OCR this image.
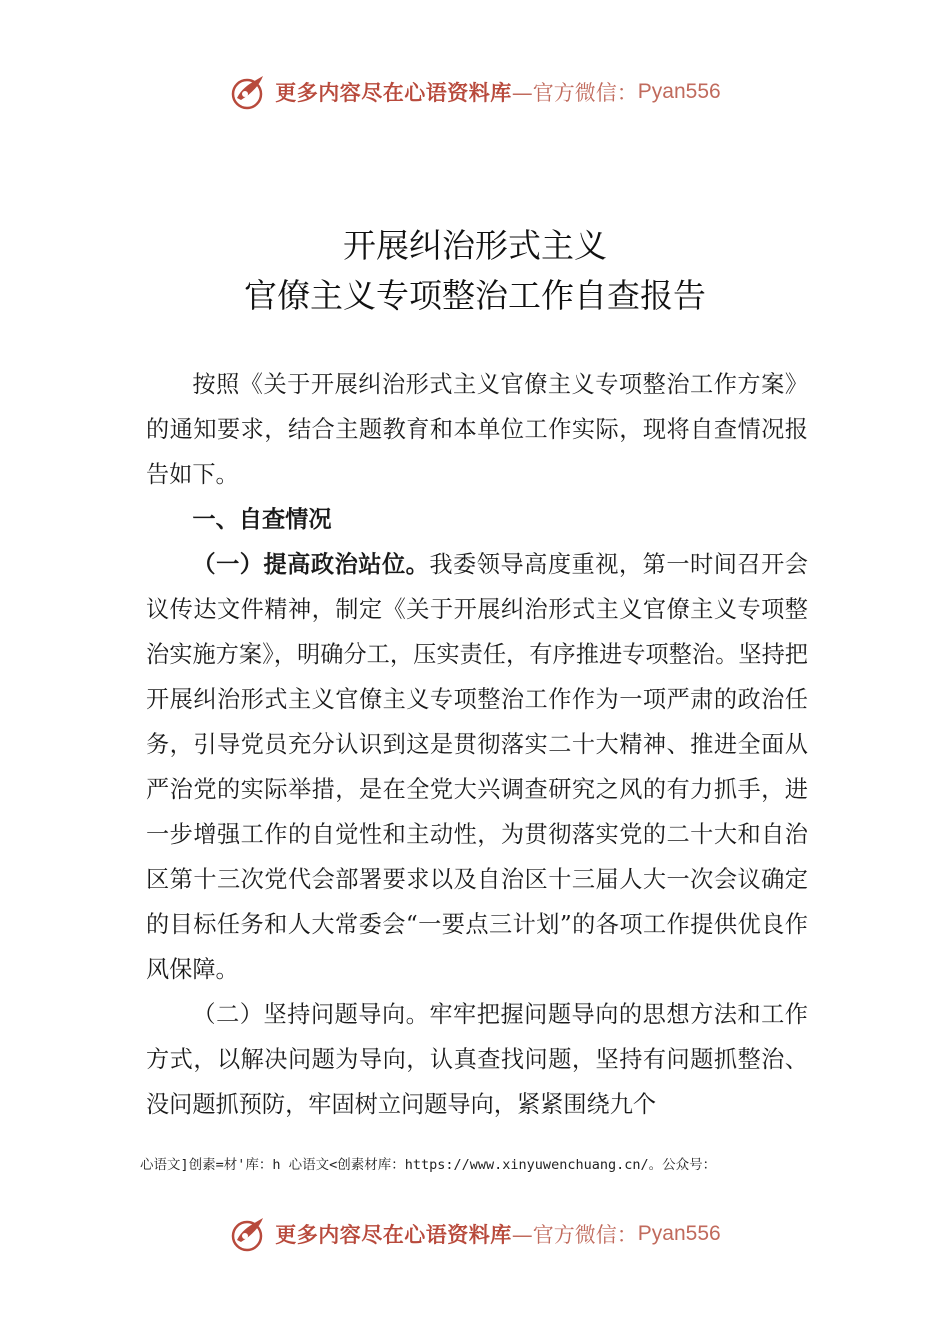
更多内容尽在心语资料库 —官方微信： Pyan556
开展纠治形式主义
官僚主义专项整治工作自查报告

按照《关于开展纠治形式主义官僚主义专项整治工作方案》的通知要求，结合主题教育和本单位工作实际，现将自查情况报告如下。

一、自查情况

（一）提高政治站位。我委领导高度重视，第一时间召开会议传达文件精神，制定《关于开展纠治形式主义官僚主义专项整治实施方案》，明确分工，压实责任，有序推进专项整治。坚持把开展纠治形式主义官僚主义专项整治工作作为一项严肃的政治任务，引导党员充分认识到这是贯彻落实二十大精神、推进全面从严治党的实际举措，是在全党大兴调查研究之风的有力抓手，进一步增强工作的自觉性和主动性，为贯彻落实党的二十大和自治区第十三次党代会部署要求以及自治区十三届人大一次会议确定的目标任务和人大常委会“一要点三计划”的各项工作提供优良作风保障。

（二）坚持问题导向。牢牢把握问题导向的思想方法和工作方式，以解决问题为导向，认真查找问题，坚持有问题抓整治、没问题抓预防，牢固树立问题导向，紧紧围绕九个

心语文]创素=材'库：h 心语文<创素材库：https://www.xinyuwenchuang.cn/。公众号：
更多内容尽在心语资料库 —官方微信： Pyan556
